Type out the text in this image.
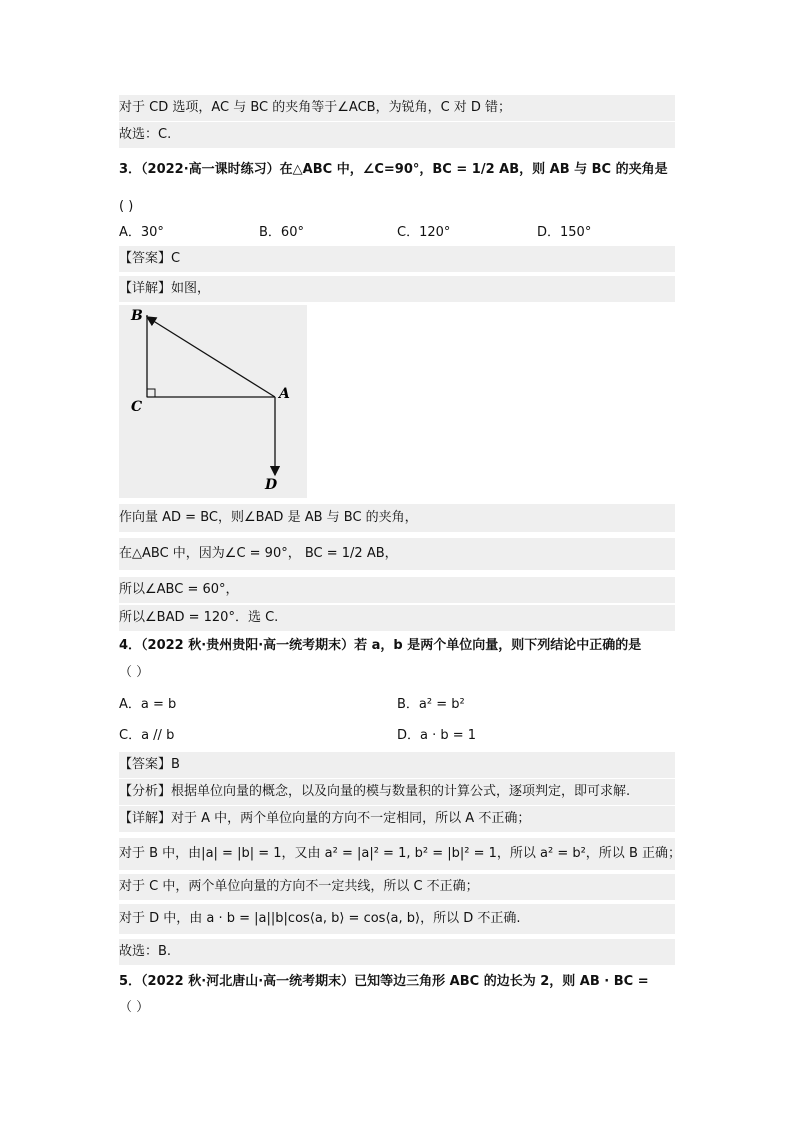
对于 CD 选项，AC 与 BC 的夹角等于∠ACB，为锐角，C 对 D 错；
故选：C.
3．（2022·高一课时练习）在△ABC 中，∠C=90°，BC = 1/2 AB，则 AB 与 BC 的夹角是
( )
A．30°	B．60°	C．120°	D．150°
【答案】C
【详解】如图，
B
C
A
D
作向量 AD = BC，则∠BAD 是 AB 与 BC 的夹角，
在△ABC 中，因为∠C = 90°， BC = 1/2 AB，
所以∠ABC = 60°，
所以∠BAD = 120°．选 C.
4．（2022 秋·贵州贵阳·高一统考期末）若 a，b 是两个单位向量，则下列结论中正确的是
（ ）
A．a = b	B．a² = b²
C．a // b	D．a · b = 1
【答案】B
【分析】根据单位向量的概念，以及向量的模与数量积的计算公式，逐项判定，即可求解.
【详解】对于 A 中，两个单位向量的方向不一定相同，所以 A 不正确；
对于 B 中，由|a| = |b| = 1，又由 a² = |a|² = 1, b² = |b|² = 1，所以 a² = b²，所以 B 正确；
对于 C 中，两个单位向量的方向不一定共线，所以 C 不正确；
对于 D 中，由 a · b = |a||b|cos⟨a, b⟩ = cos⟨a, b⟩，所以 D 不正确.
故选：B.
5．（2022 秋·河北唐山·高一统考期末）已知等边三角形 ABC 的边长为 2，则 AB · BC =
（ ）
